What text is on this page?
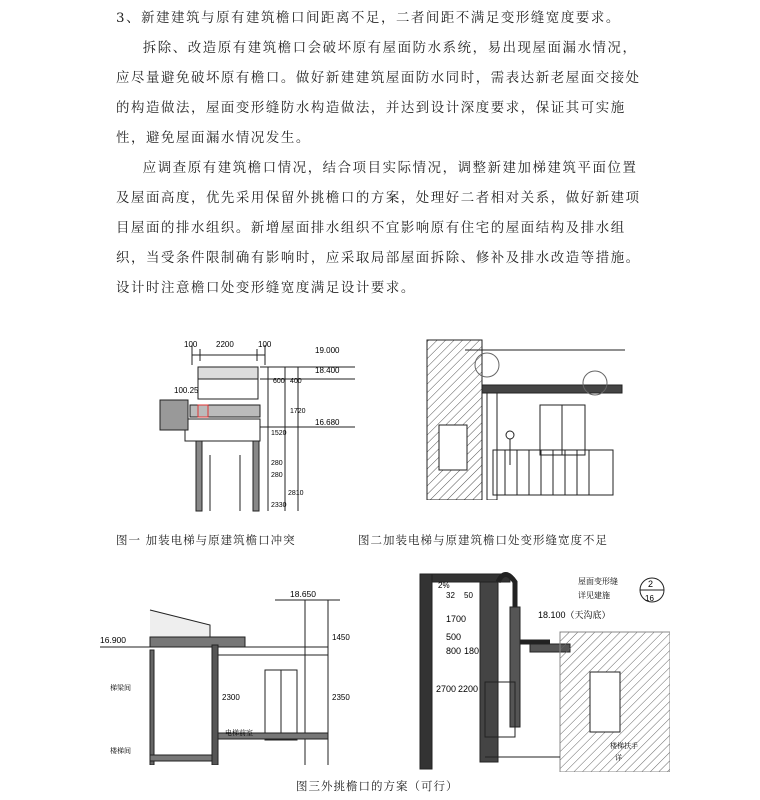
3、新建建筑与原有建筑檐口间距离不足，二者间距不满足变形缝宽度要求。

拆除、改造原有建筑檐口会破坏原有屋面防水系统，易出现屋面漏水情况，应尽量避免破坏原有檐口。做好新建建筑屋面防水同时，需表达新老屋面交接处的构造做法，屋面变形缝防水构造做法，并达到设计深度要求，保证其可实施性，避免屋面漏水情况发生。

应调查原有建筑檐口情况，结合项目实际情况，调整新建加梯建筑平面位置及屋面高度，优先采用保留外挑檐口的方案，处理好二者相对关系，做好新建项目屋面的排水组织。新增屋面排水组织不宜影响原有住宅的屋面结构及排水组织，当受条件限制确有影响时，应采取局部屋面拆除、修补及排水改造等措施。设计时注意檐口处变形缝宽度满足设计要求。

100 2200	100
19.000
18.400
16.680
100.25
600 400
1720
1520
280
280
2810
2330
图一 加装电梯与原建筑檐口冲突	图二加装电梯与原建筑檐口处变形缝宽度不足
18.650
16.900	1450
2300	2350
梯梁间
电梯前室
楼梯间
2%
32 50
1700
500
800 180
2700 2200
屋面变形缝
详见建施
2
16
18.100（天沟底）
楼梯扶手
详
图三外挑檐口的方案（可行）
